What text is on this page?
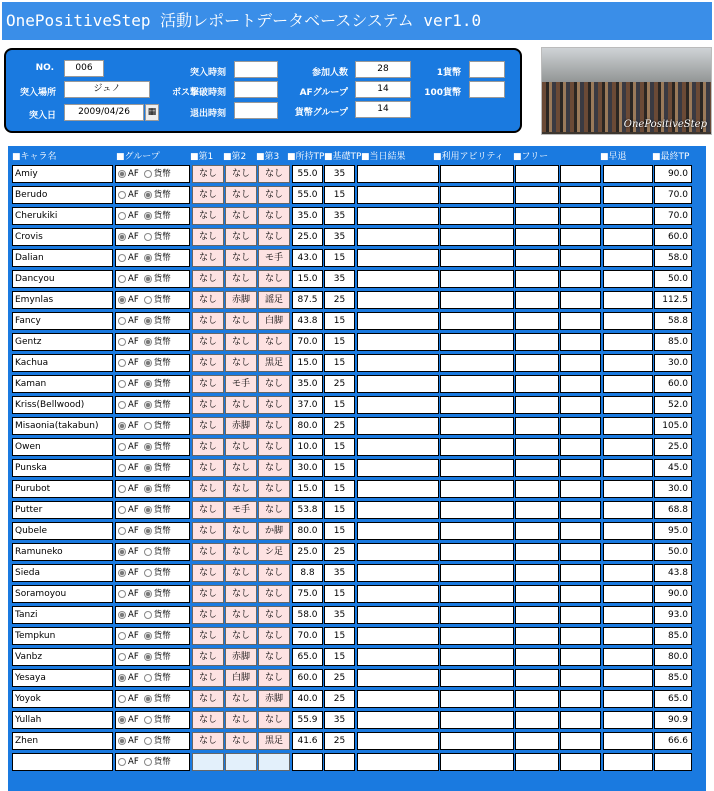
OnePositiveStep 活動レポートデータベースシステム ver1.0
NO.	006
突入場所	ジュノ
突入日	2009/04/26	▦
突入時刻
ボス撃破時刻
退出時刻
参加人数	28
AFグループ	14
貨幣グループ	14
1貨幣
100貨幣
OnePositiveStep
■キャラ名	■グループ	■第1 ■第2 ■第3 ■所持TP ■基礎TP ■当日結果	■利用アビリティ ■フリー	■早退	■最終TP
Amiy	AF 貨幣	なし	なし	なし	55.0	35	90.0
Berudo	AF 貨幣	なし	なし	なし	55.0	15	70.0
Cherukiki	AF 貨幣	なし	なし	なし	35.0	35	70.0
Crovis	AF 貨幣	なし	なし	なし	25.0	35	60.0
Dalian	AF 貨幣	なし	なし	モ手	43.0	15	58.0
Dancyou	AF 貨幣	なし	なし	なし	15.0	35	50.0
Emynlas	AF 貨幣	なし	赤脚	謡足	87.5	25	112.5
Fancy	AF 貨幣	なし	なし	白脚	43.8	15	58.8
Gentz	AF 貨幣	なし	なし	なし	70.0	15	85.0
Kachua	AF 貨幣	なし	なし	黒足	15.0	15	30.0
Kaman	AF 貨幣	なし	モ手	なし	35.0	25	60.0
Kriss(Bellwood)	AF 貨幣	なし	なし	なし	37.0	15	52.0
Misaonia(takabun)	AF 貨幣	なし	赤脚	なし	80.0	25	105.0
Owen	AF 貨幣	なし	なし	なし	10.0	15	25.0
Punska	AF 貨幣	なし	なし	なし	30.0	15	45.0
Purubot	AF 貨幣	なし	なし	なし	15.0	15	30.0
Putter	AF 貨幣	なし	モ手	なし	53.8	15	68.8
Qubele	AF 貨幣	なし	なし	か脚	80.0	15	95.0
Ramuneko	AF 貨幣	なし	なし	シ足	25.0	25	50.0
Sieda	AF 貨幣	なし	なし	なし	8.8	35	43.8
Soramoyou	AF 貨幣	なし	なし	なし	75.0	15	90.0
Tanzi	AF 貨幣	なし	なし	なし	58.0	35	93.0
Tempkun	AF 貨幣	なし	なし	なし	70.0	15	85.0
Vanbz	AF 貨幣	なし	赤脚	なし	65.0	15	80.0
Yesaya	AF 貨幣	なし	白脚	なし	60.0	25	85.0
Yoyok	AF 貨幣	なし	なし	赤脚	40.0	25	65.0
Yullah	AF 貨幣	なし	なし	なし	55.9	35	90.9
Zhen	AF 貨幣	なし	なし	黒足	41.6	25	66.6
AF 貨幣
